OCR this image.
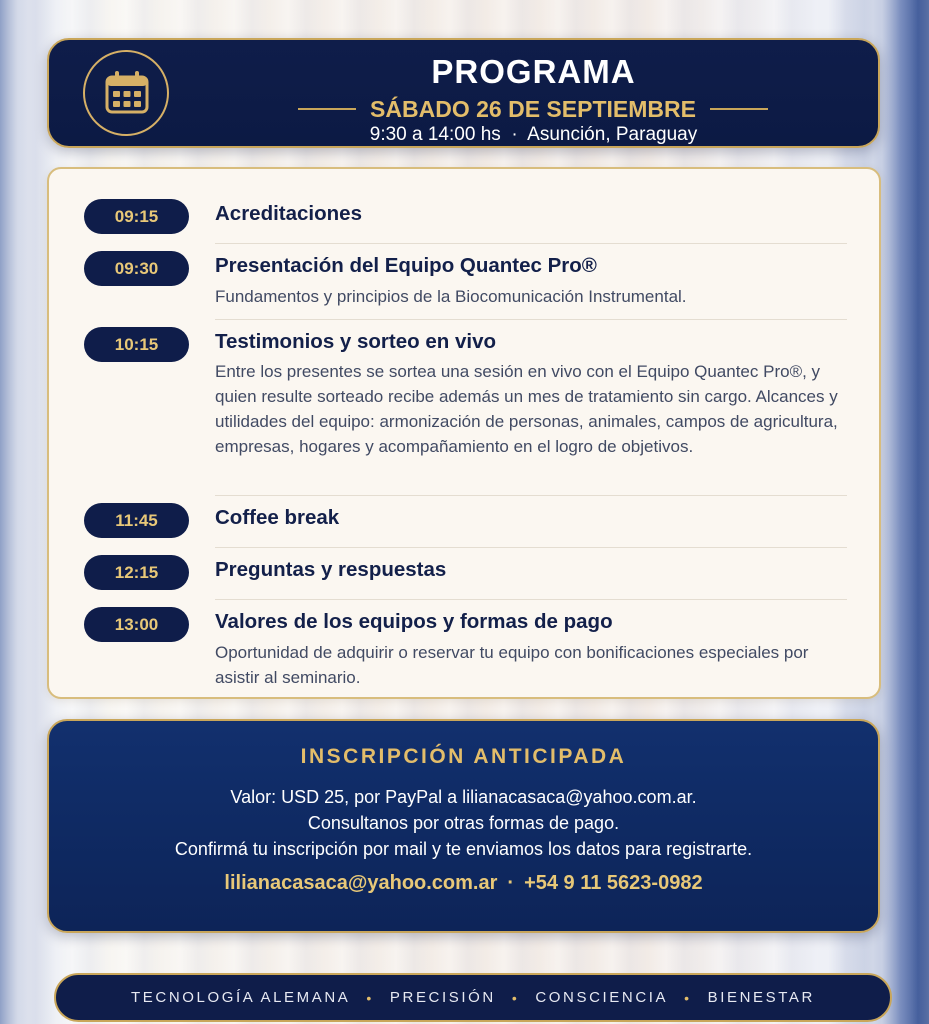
PROGRAMA
SÁBADO 26 DE SEPTIEMBRE
9:30 a 14:00 hs  ·  Asunción, Paraguay
09:15	Acreditaciones
09:30	Presentación del Equipo Quantec Pro®
Fundamentos y principios de la Biocomunicación Instrumental.
10:15	Testimonios y sorteo en vivo
Entre los presentes se sortea una sesión en vivo con el Equipo Quantec Pro®, y quien resulte sorteado recibe además un mes de tratamiento sin cargo. Alcances y utilidades del equipo: armonización de personas, animales, campos de agricultura, empresas, hogares y acompañamiento en el logro de objetivos.
11:45	Coffee break
12:15	Preguntas y respuestas
13:00	Valores de los equipos y formas de pago
Oportunidad de adquirir o reservar tu equipo con bonificaciones especiales por asistir al seminario.
INSCRIPCIÓN ANTICIPADA
Valor: USD 25, por PayPal a lilianacasaca@yahoo.com.ar.
Consultanos por otras formas de pago.
Confirmá tu inscripción por mail y te enviamos los datos para registrarte.
lilianacasaca@yahoo.com.ar · +54 9 11 5623-0982
TECNOLOGÍA ALEMANA • PRECISIÓN • CONSCIENCIA • BIENESTAR
